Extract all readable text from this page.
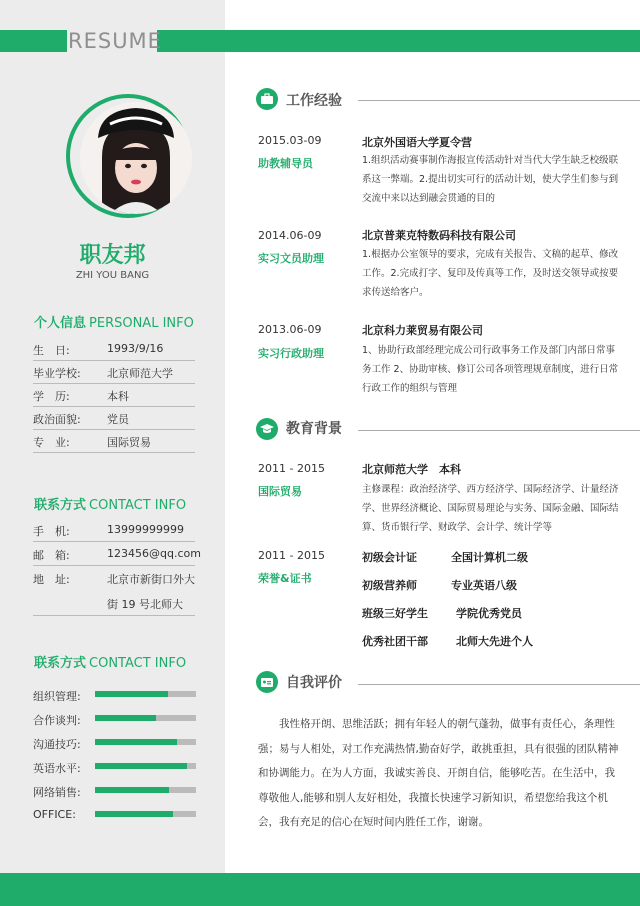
RESUME
职友邦
ZHI YOU BANG
个人信息 PERSONAL INFO
生　日:	1993/9/16
毕业学校: 北京师范大学
学　历:	本科
政治面貌: 党员
专　业:	国际贸易
联系方式 CONTACT INFO
手　机:	13999999999
邮　箱:	123456@qq.com
地　址:	北京市新街口外大
街 19 号北师大
联系方式 CONTACT INFO
组织管理:
合作谈判:
沟通技巧:
英语水平:
网络销售:
OFFICE:
工作经验
2015.03-09
助教辅导员
北京外国语大学夏令营
1.组织活动赛事制作海报宣传活动针对当代大学生缺乏校级联系这一弊端。2.提出切实可行的活动计划，使大学生们参与到交流中来以达到融会贯通的目的
2014.06-09
实习文员助理
北京普莱克特数码科技有限公司
1.根据办公室领导的要求，完成有关报告、文稿的起草、修改工作。2.完成打字、复印及传真等工作，及时送交领导或按要求传送给客户。
2013.06-09
实习行政助理
北京科力莱贸易有限公司
1、协助行政部经理完成公司行政事务工作及部门内部日常事务工作 2、协助审核、修订公司各项管理规章制度，进行日常行政工作的组织与管理
教育背景
2011 - 2015
国际贸易
北京师范大学　本科
主修课程：政治经济学、西方经济学、国际经济学、计量经济学、世界经济概论、国际贸易理论与实务、国际金融、国际结算、货币银行学、财政学、会计学、统计学等
2011 - 2015
荣誉&证书
初级会计证	全国计算机二级
初级营养师	专业英语八级
班级三好学生	学院优秀党员
优秀社团干部	北师大先进个人
自我评价
我性格开朗、思维活跃；拥有年轻人的朝气蓬勃，做事有责任心，条理性强；易与人相处，对工作充满热情,勤奋好学，敢挑重担，具有很强的团队精神和协调能力。在为人方面，我诚实善良、开朗自信，能够吃苦。在生活中，我尊敬他人,能够和别人友好相处，我擅长快速学习新知识，希望您给我这个机会，我有充足的信心在短时间内胜任工作，谢谢。
